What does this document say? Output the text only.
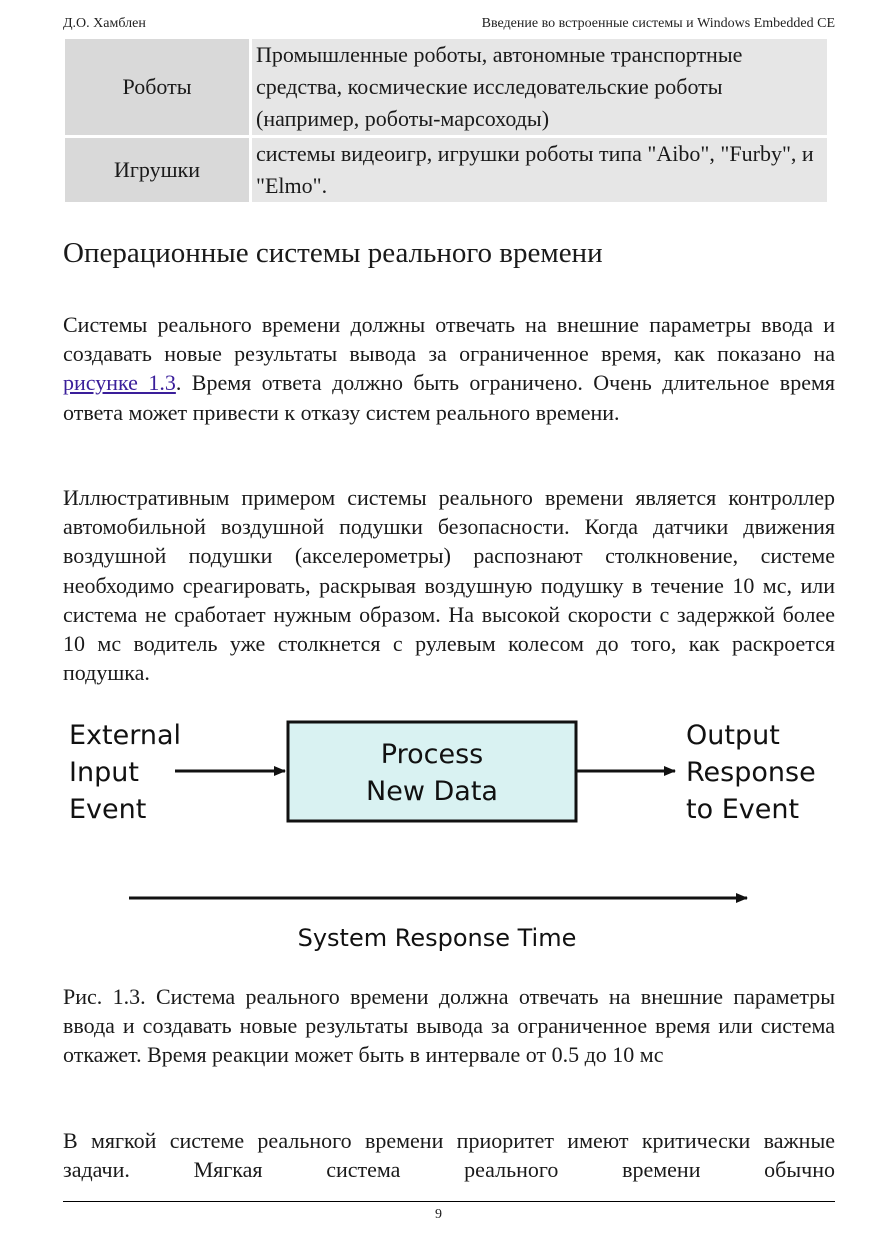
Д.О. Хамблен	Введение во встроенные системы и Windows Embedded CE
Роботы	Промышленные роботы, автономные транспортные средства, космические исследовательские роботы (например, роботы-марсоходы)
Игрушки	системы видеоигр, игрушки роботы типа "Aibo", "Furby", и "Elmo".
Операционные системы реального времени

Системы реального времени должны отвечать на внешние параметры ввода и создавать новые результаты вывода за ограниченное время, как показано на рисунке 1.3. Время ответа должно быть ограничено. Очень длительное время ответа может привести к отказу систем реального времени.

Иллюстративным примером системы реального времени является контроллер автомобильной воздушной подушки безопасности. Когда датчики движения воздушной подушки (акселерометры) распознают столкновение, системе необходимо среагировать, раскрывая воздушную подушку в течение 10 мс, или система не сработает нужным образом. На высокой скорости с задержкой более 10 мс водитель уже столкнется с рулевым колесом до того, как раскроется подушка.

External
Input
Event
Process
New Data
Output
Response
to Event
System Response Time

Рис. 1.3. Система реального времени должна отвечать на внешние параметры ввода и создавать новые результаты вывода за ограниченное время или система откажет. Время реакции может быть в интервале от 0.5 до 10 мс

В мягкой системе реального времени приоритет имеют критически важные задачи. Мягкая система реального времени обычно

9
